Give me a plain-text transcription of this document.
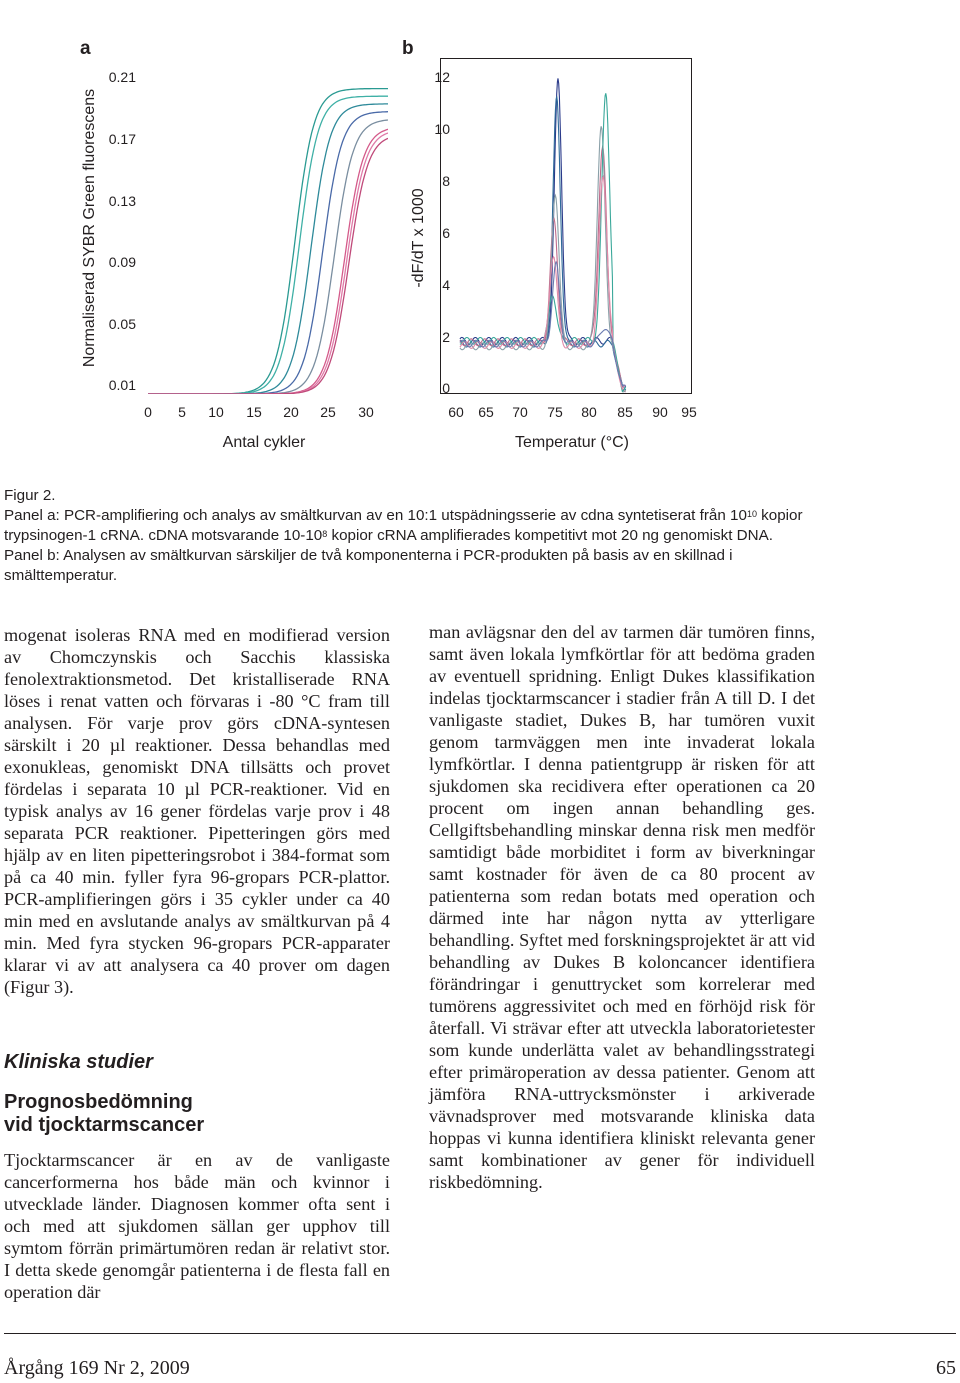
a
Normaliserad SYBR Green fluorescens
0.21
0.17
0.13
0.09
0.05
0.01
0 5 10 15 20 25 30
Antal cykler
b
-dF/dT x 1000
12
10
8
6
4
2
0
60 65 70 75 80 85 90 95
Temperatur (°C)

Figur 2.

Panel a: PCR-amplifiering och analys av smältkurvan av en 10:1 utspädningsserie av cdna syntetiserat från $10^{10}$ kopior trypsinogen-1 cRNA. cDNA motsvarande $10-10^8$ kopior cRNA amplifierades kompetitivt mot 20 ng genomiskt DNA. Panel b: Analysen av smältkurvan särskiljer de två komponenterna i PCR-produkten på basis av en skillnad i smälttemperatur.

mogenat isoleras RNA med en modifierad version av Chomczynskis och Sacchis klassiska fenolextraktionsmetod. Det kristalliserade RNA löses i renat vatten och förvaras i -80 °C fram till analysen. För varje prov görs cDNA-syntesen särskilt i 20 µl reaktioner. Dessa behandlas med exonukleas, genomiskt DNA tillsätts och provet fördelas i separata 10 µl PCR-reaktioner. Vid en typisk analys av 16 gener fördelas varje prov i 48 separata PCR reaktioner. Pipetteringen görs med hjälp av en liten pipetteringsrobot i 384-format som på ca 40 min. fyller fyra 96-gropars PCR-plattor. PCR-amplifieringen görs i 35 cykler under ca 40 min med en avslutande analys av smältkurvan på 4 min. Med fyra stycken 96-gropars PCR-apparater klarar vi av att analysera ca 40 prover om dagen (Figur 3).

Kliniska studier
Prognosbedömning
vid tjocktarmscancer

Tjocktarmscancer är en av de vanligaste cancerformerna hos både män och kvinnor i utvecklade länder. Diagnosen kommer ofta sent i och med att sjukdomen sällan ger upphov till symtom förrän primärtumören redan är relativt stor. I detta skede genomgår patienterna i de flesta fall en operation där

man avlägsnar den del av tarmen där tumören finns, samt även lokala lymfkörtlar för att bedöma graden av eventuell spridning. Enligt Dukes klassifikation indelas tjocktarmscancer i stadier från A till D. I det vanligaste stadiet, Dukes B, har tumören vuxit genom tarmväggen men inte invaderat lokala lymfkörtlar. I denna patientgrupp är risken för att sjukdomen ska recidivera efter operationen ca 20 procent om ingen annan behandling ges. Cellgiftsbehandling minskar denna risk men medför samtidigt både morbiditet i form av biverkningar samt kostnader för även de ca 80 procent av patienterna som redan botats med operation och därmed inte har någon nytta av ytterligare behandling. Syftet med forskningsprojektet är att vid behandling av Dukes B koloncancer identifiera förändringar i genuttrycket som korrelerar med tumörens aggressivitet och med en förhöjd risk för återfall. Vi strävar efter att utveckla laboratorietester som kunde underlätta valet av behandlingsstrategi efter primäroperation av dessa patienter. Genom att jämföra RNA-uttrycksmönster i arkiverade vävnadsprover med motsvarande kliniska data hoppas vi kunna identifiera kliniskt relevanta gener samt kombinationer av gener för individuell riskbedömning.

Årgång 169 Nr 2, 2009	65
